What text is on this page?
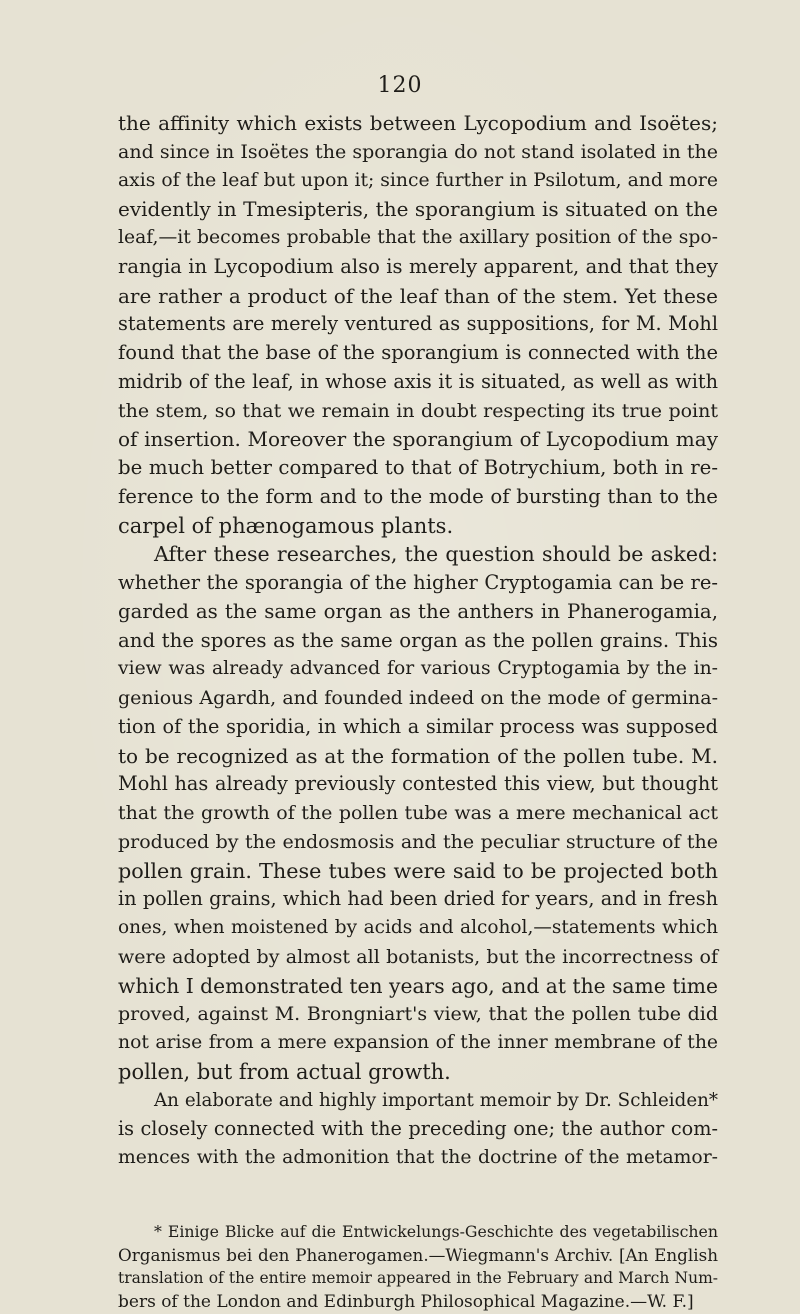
120
the affinity which exists between Lycopodium and Isoëtes;
and since in Isoëtes the sporangia do not stand isolated in the
axis of the leaf but upon it; since further in Psilotum, and more
evidently in Tmesipteris, the sporangium is situated on the
leaf,—it becomes probable that the axillary position of the spo-
rangia in Lycopodium also is merely apparent, and that they
are rather a product of the leaf than of the stem. Yet these
statements are merely ventured as suppositions, for M. Mohl
found that the base of the sporangium is connected with the
midrib of the leaf, in whose axis it is situated, as well as with
the stem, so that we remain in doubt respecting its true point
of insertion. Moreover the sporangium of Lycopodium may
be much better compared to that of Botrychium, both in re-
ference to the form and to the mode of bursting than to the
carpel of phænogamous plants.
After these researches, the question should be asked:
whether the sporangia of the higher Cryptogamia can be re-
garded as the same organ as the anthers in Phanerogamia,
and the spores as the same organ as the pollen grains. This
view was already advanced for various Cryptogamia by the in-
genious Agardh, and founded indeed on the mode of germina-
tion of the sporidia, in which a similar process was supposed
to be recognized as at the formation of the pollen tube. M.
Mohl has already previously contested this view, but thought
that the growth of the pollen tube was a mere mechanical act
produced by the endosmosis and the peculiar structure of the
pollen grain. These tubes were said to be projected both
in pollen grains, which had been dried for years, and in fresh
ones, when moistened by acids and alcohol,—statements which
were adopted by almost all botanists, but the incorrectness of
which I demonstrated ten years ago, and at the same time
proved, against M. Brongniart's view, that the pollen tube did
not arise from a mere expansion of the inner membrane of the
pollen, but from actual growth.
An elaborate and highly important memoir by Dr. Schleiden*
is closely connected with the preceding one; the author com-
mences with the admonition that the doctrine of the metamor-
* Einige Blicke auf die Entwickelungs-Geschichte des vegetabilischen
Organismus bei den Phanerogamen.—Wiegmann's Archiv. [An English
translation of the entire memoir appeared in the February and March Num-
bers of the London and Edinburgh Philosophical Magazine.—W. F.]
